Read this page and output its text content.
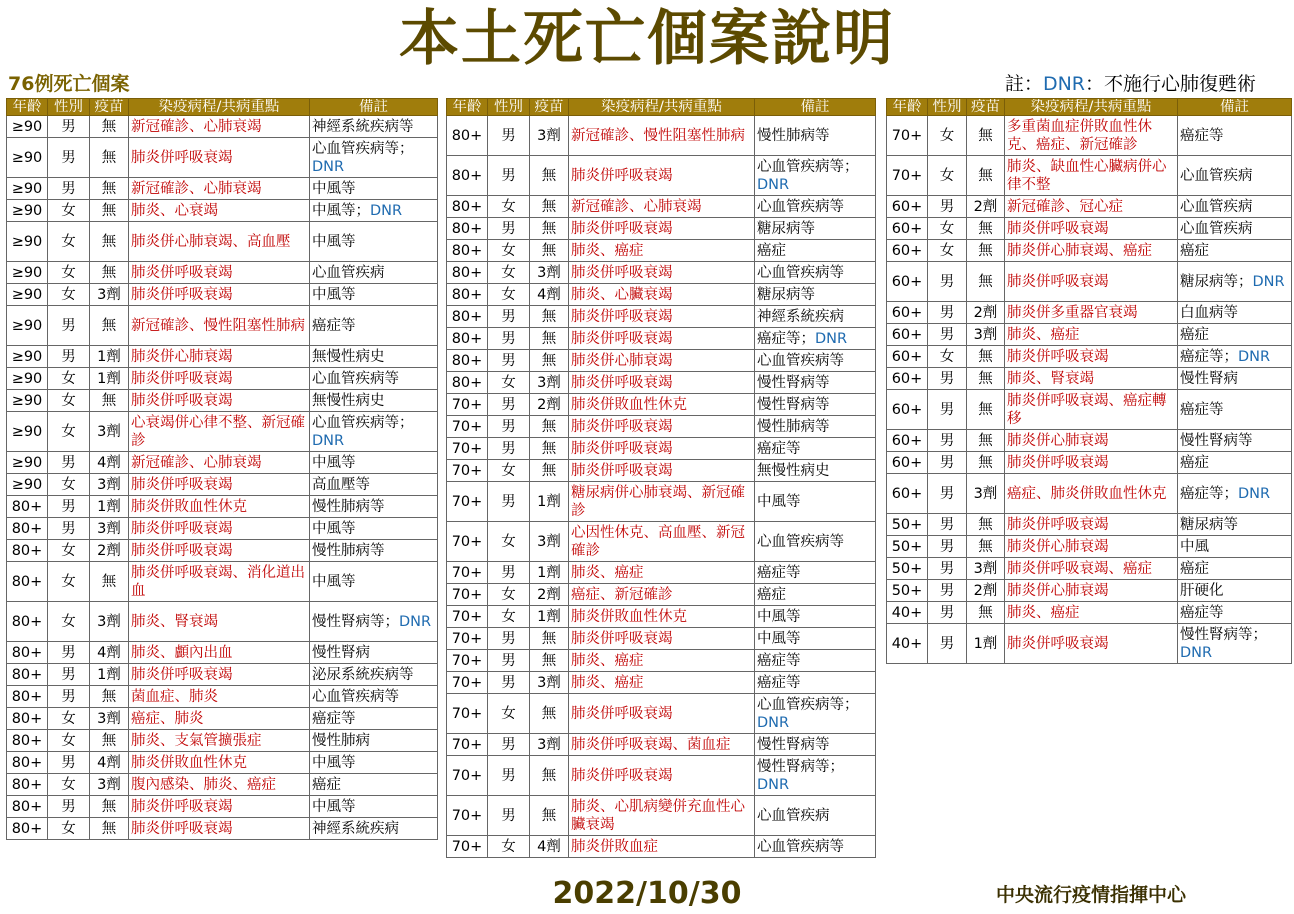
本土死亡個案說明
76例死亡個案	註：DNR：不施行心肺復甦術
年齡	性別	疫苗	染疫病程/共病重點	備註
≥90	男	無	新冠確診、心肺衰竭	神經系統疾病等
≥90	男	無	肺炎併呼吸衰竭	心血管疾病等；DNR
≥90	男	無	新冠確診、心肺衰竭	中風等
≥90	女	無	肺炎、心衰竭	中風等；DNR
≥90	女	無	肺炎併心肺衰竭、高血壓	中風等
≥90	女	無	肺炎併呼吸衰竭	心血管疾病
≥90	女	3劑	肺炎併呼吸衰竭	中風等
≥90	男	無	新冠確診、慢性阻塞性肺病	癌症等
≥90	男	1劑	肺炎併心肺衰竭	無慢性病史
≥90	女	1劑	肺炎併呼吸衰竭	心血管疾病等
≥90	女	無	肺炎併呼吸衰竭	無慢性病史
≥90	女	3劑	心衰竭併心律不整、新冠確診	心血管疾病等；DNR
≥90	男	4劑	新冠確診、心肺衰竭	中風等
≥90	女	3劑	肺炎併呼吸衰竭	高血壓等
80+	男	1劑	肺炎併敗血性休克	慢性肺病等
80+	男	3劑	肺炎併呼吸衰竭	中風等
80+	女	2劑	肺炎併呼吸衰竭	慢性肺病等
80+	女	無	肺炎併呼吸衰竭、消化道出血	中風等
80+	女	3劑	肺炎、腎衰竭	慢性腎病等；DNR
80+	男	4劑	肺炎、顱內出血	慢性腎病
80+	男	1劑	肺炎併呼吸衰竭	泌尿系統疾病等
80+	男	無	菌血症、肺炎	心血管疾病等
80+	女	3劑	癌症、肺炎	癌症等
80+	女	無	肺炎、支氣管擴張症	慢性肺病
80+	男	4劑	肺炎併敗血性休克	中風等
80+	女	3劑	腹內感染、肺炎、癌症	癌症
80+	男	無	肺炎併呼吸衰竭	中風等
80+	女	無	肺炎併呼吸衰竭	神經系統疾病
年齡	性別	疫苗	染疫病程/共病重點	備註
80+	男	3劑	新冠確診、慢性阻塞性肺病	慢性肺病等
80+	男	無	肺炎併呼吸衰竭	心血管疾病等；DNR
80+	女	無	新冠確診、心肺衰竭	心血管疾病等
80+	男	無	肺炎併呼吸衰竭	糖尿病等
80+	女	無	肺炎、癌症	癌症
80+	女	3劑	肺炎併呼吸衰竭	心血管疾病等
80+	女	4劑	肺炎、心臟衰竭	糖尿病等
80+	男	無	肺炎併呼吸衰竭	神經系統疾病
80+	男	無	肺炎併呼吸衰竭	癌症等；DNR
80+	男	無	肺炎併心肺衰竭	心血管疾病等
80+	女	3劑	肺炎併呼吸衰竭	慢性腎病等
70+	男	2劑	肺炎併敗血性休克	慢性腎病等
70+	男	無	肺炎併呼吸衰竭	慢性肺病等
70+	男	無	肺炎併呼吸衰竭	癌症等
70+	女	無	肺炎併呼吸衰竭	無慢性病史
70+	男	1劑	糖尿病併心肺衰竭、新冠確診	中風等
70+	女	3劑	心因性休克、高血壓、新冠確診	心血管疾病等
70+	男	1劑	肺炎、癌症	癌症等
70+	女	2劑	癌症、新冠確診	癌症
70+	女	1劑	肺炎併敗血性休克	中風等
70+	男	無	肺炎併呼吸衰竭	中風等
70+	男	無	肺炎、癌症	癌症等
70+	男	3劑	肺炎、癌症	癌症等
70+	女	無	肺炎併呼吸衰竭	心血管疾病等；DNR
70+	男	3劑	肺炎併呼吸衰竭、菌血症	慢性腎病等
70+	男	無	肺炎併呼吸衰竭	慢性腎病等；DNR
70+	男	無	肺炎、心肌病變併充血性心臟衰竭	心血管疾病
70+	女	4劑	肺炎併敗血症	心血管疾病等
年齡	性別	疫苗	染疫病程/共病重點	備註
70+	女	無	多重菌血症併敗血性休克、癌症、新冠確診	癌症等
70+	女	無	肺炎、缺血性心臟病併心律不整	心血管疾病
60+	男	2劑	新冠確診、冠心症	心血管疾病
60+	女	無	肺炎併呼吸衰竭	心血管疾病
60+	女	無	肺炎併心肺衰竭、癌症	癌症
60+	男	無	肺炎併呼吸衰竭	糖尿病等；DNR
60+	男	2劑	肺炎併多重器官衰竭	白血病等
60+	男	3劑	肺炎、癌症	癌症
60+	女	無	肺炎併呼吸衰竭	癌症等；DNR
60+	男	無	肺炎、腎衰竭	慢性腎病
60+	男	無	肺炎併呼吸衰竭、癌症轉移	癌症等
60+	男	無	肺炎併心肺衰竭	慢性腎病等
60+	男	無	肺炎併呼吸衰竭	癌症
60+	男	3劑	癌症、肺炎併敗血性休克	癌症等；DNR
50+	男	無	肺炎併呼吸衰竭	糖尿病等
50+	男	無	肺炎併心肺衰竭	中風
50+	男	3劑	肺炎併呼吸衰竭、癌症	癌症
50+	男	2劑	肺炎併心肺衰竭	肝硬化
40+	男	無	肺炎、癌症	癌症等
40+	男	1劑	肺炎併呼吸衰竭	慢性腎病等；DNR
2022/10/30	中央流行疫情指揮中心
